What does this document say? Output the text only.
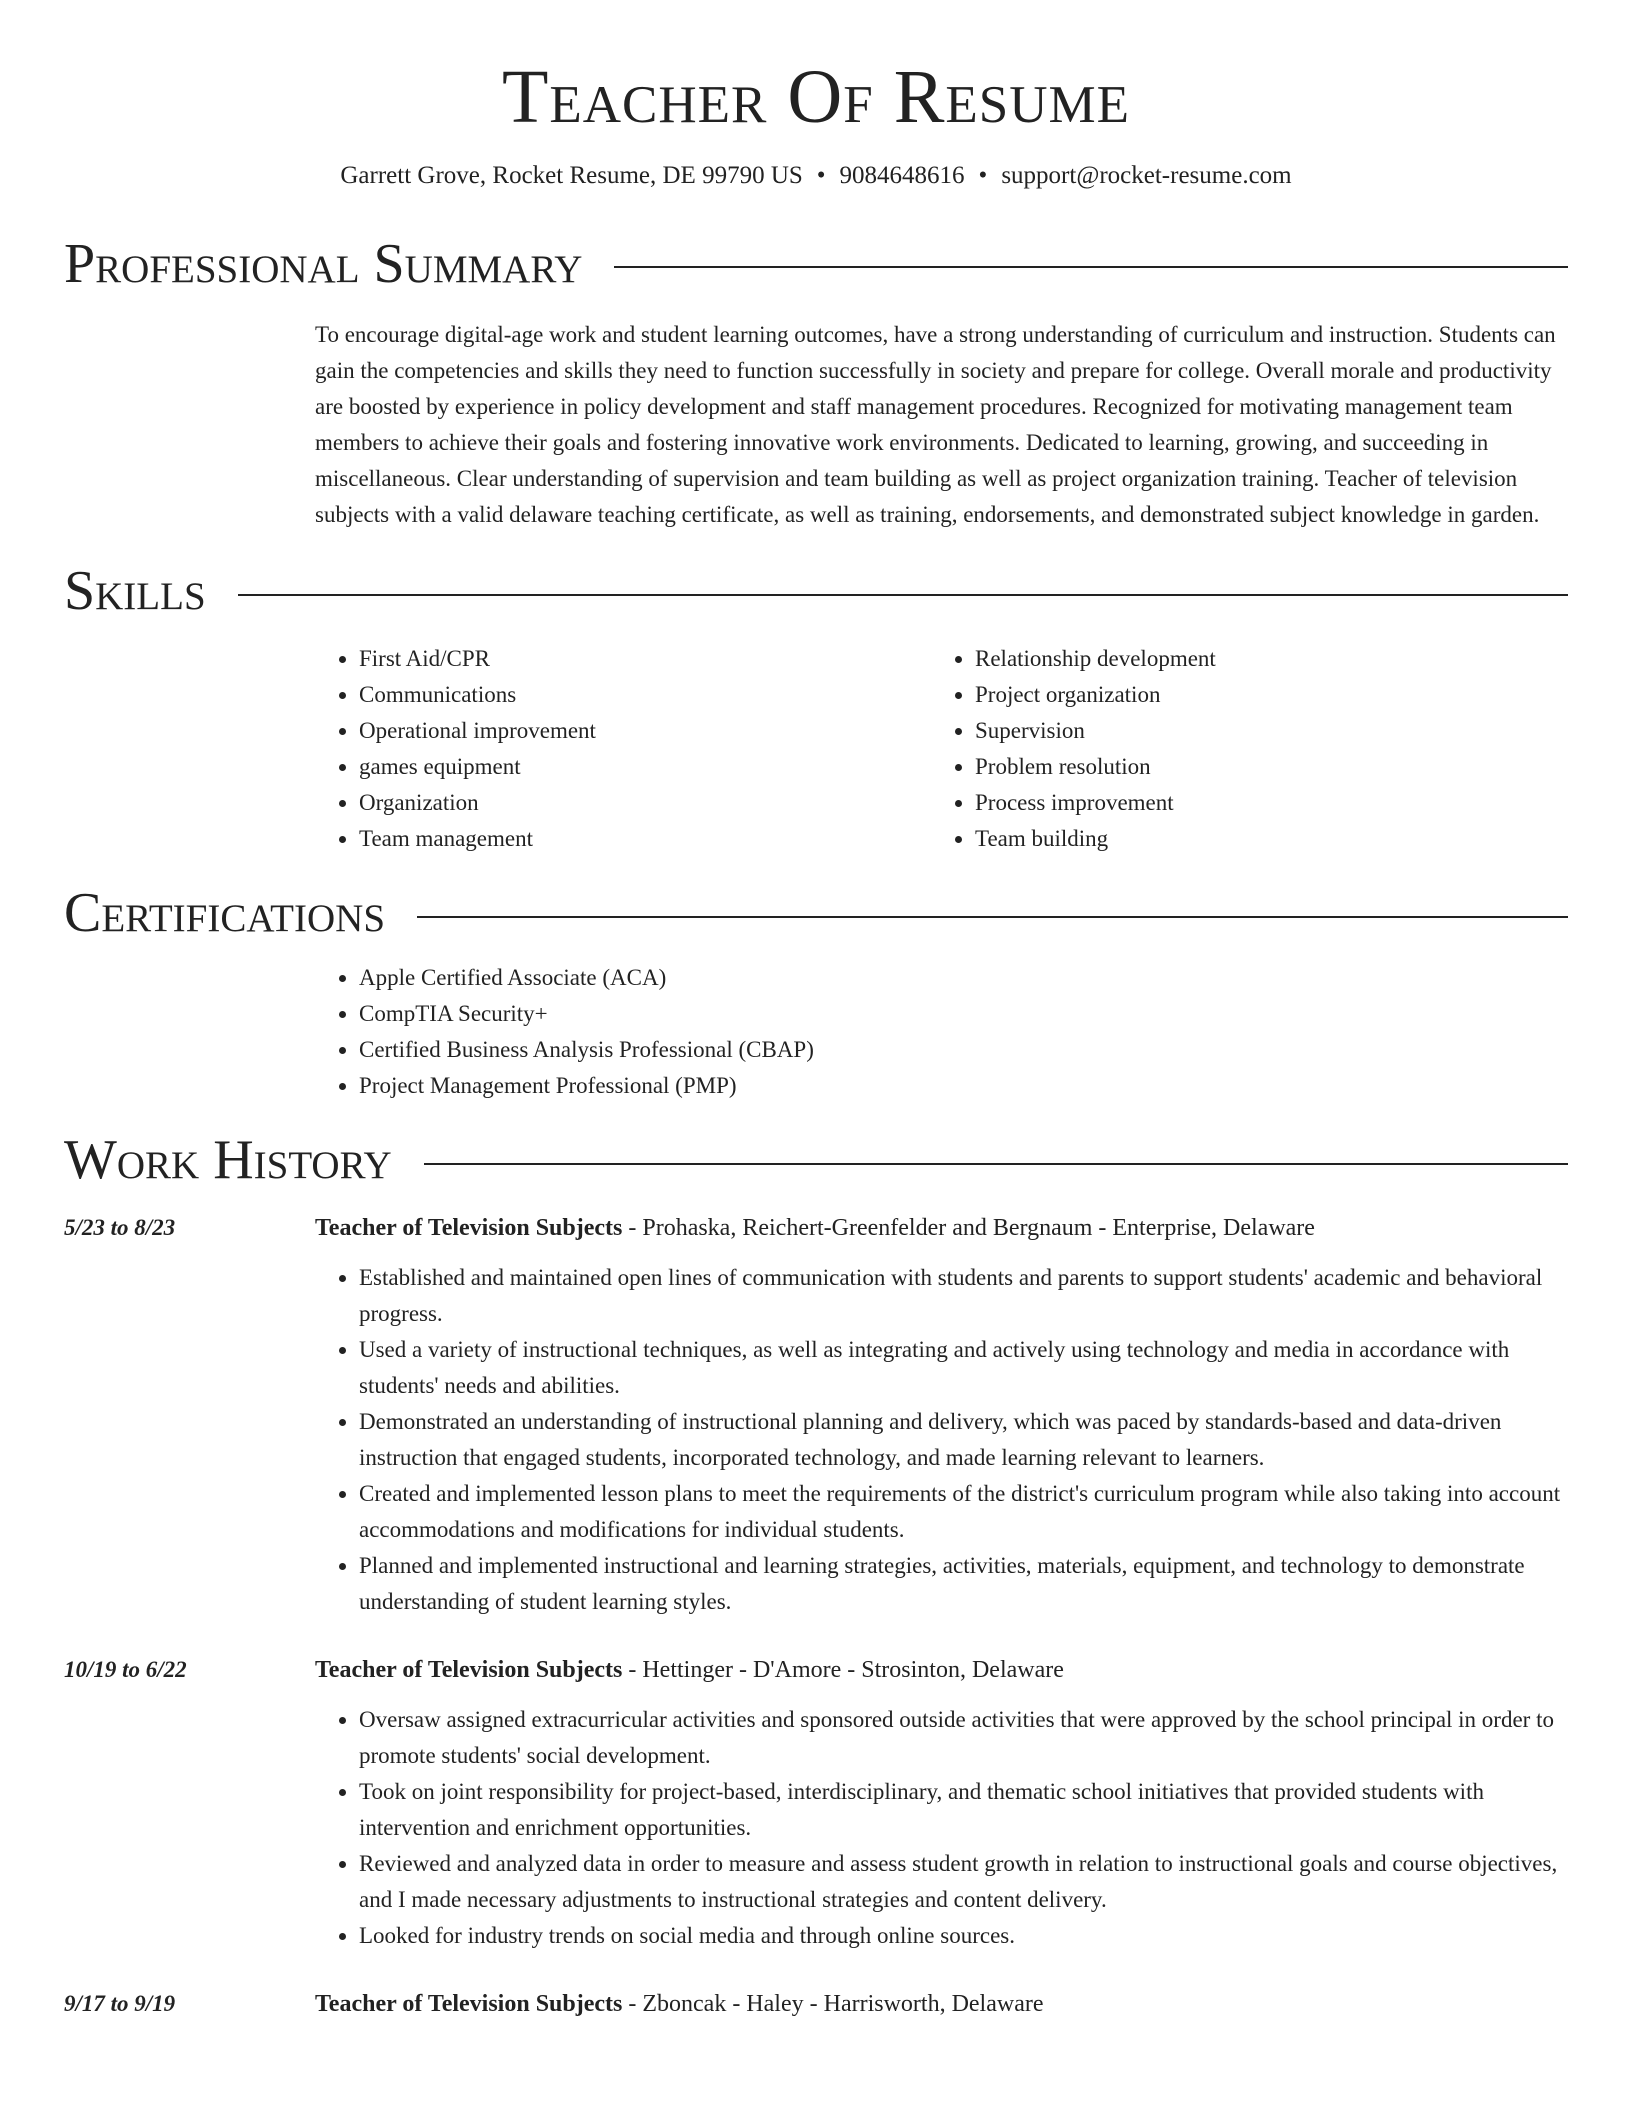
Teacher Of Resume
Garrett Grove, Rocket Resume, DE 99790 US • 9084648616 • support@rocket-resume.com
Professional Summary
To encourage digital-age work and student learning outcomes, have a strong understanding of curriculum and instruction. Students can gain the competencies and skills they need to function successfully in society and prepare for college. Overall morale and productivity are boosted by experience in policy development and staff management procedures. Recognized for motivating management team members to achieve their goals and fostering innovative work environments. Dedicated to learning, growing, and succeeding in miscellaneous. Clear understanding of supervision and team building as well as project organization training. Teacher of television subjects with a valid delaware teaching certificate, as well as training, endorsements, and demonstrated subject knowledge in garden.
Skills
• First Aid/CPR
• Communications
• Operational improvement
• games equipment
• Organization
• Team management
• Relationship development
• Project organization
• Supervision
• Problem resolution
• Process improvement
• Team building
Certifications
• Apple Certified Associate (ACA)
• CompTIA Security+
• Certified Business Analysis Professional (CBAP)
• Project Management Professional (PMP)
Work History
5/23 to 8/23	Teacher of Television Subjects - Prohaska, Reichert-Greenfelder and Bergnaum - Enterprise, Delaware
• Established and maintained open lines of communication with students and parents to support students' academic and behavioral progress.
• Used a variety of instructional techniques, as well as integrating and actively using technology and media in accordance with students' needs and abilities.
• Demonstrated an understanding of instructional planning and delivery, which was paced by standards-based and data-driven instruction that engaged students, incorporated technology, and made learning relevant to learners.
• Created and implemented lesson plans to meet the requirements of the district's curriculum program while also taking into account accommodations and modifications for individual students.
• Planned and implemented instructional and learning strategies, activities, materials, equipment, and technology to demonstrate understanding of student learning styles.
10/19 to 6/22	Teacher of Television Subjects - Hettinger - D'Amore - Strosinton, Delaware
• Oversaw assigned extracurricular activities and sponsored outside activities that were approved by the school principal in order to promote students' social development.
• Took on joint responsibility for project-based, interdisciplinary, and thematic school initiatives that provided students with intervention and enrichment opportunities.
• Reviewed and analyzed data in order to measure and assess student growth in relation to instructional goals and course objectives, and I made necessary adjustments to instructional strategies and content delivery.
• Looked for industry trends on social media and through online sources.
9/17 to 9/19	Teacher of Television Subjects - Zboncak - Haley - Harrisworth, Delaware
